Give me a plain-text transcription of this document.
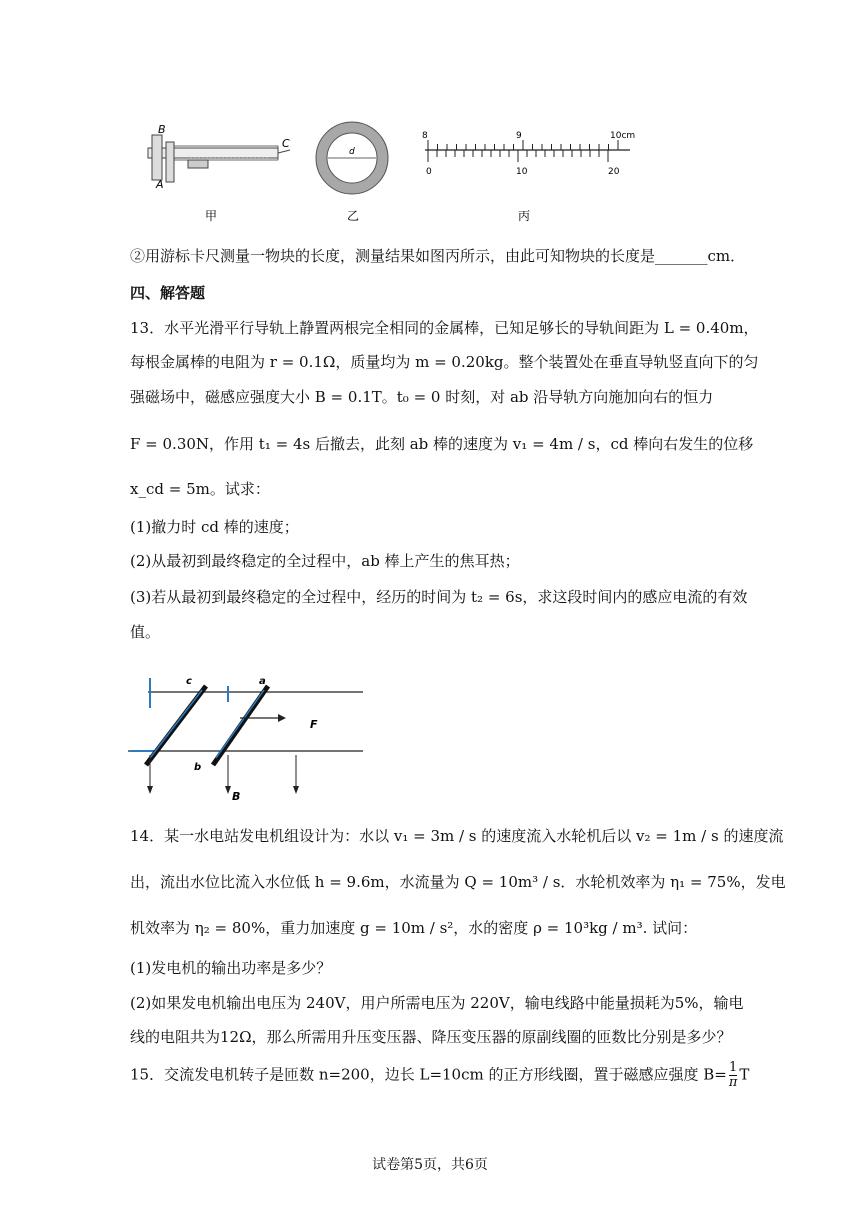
B
A
C
甲
d
乙
8	9	10cm
0	10	20
丙
②用游标卡尺测量一物块的长度，测量结果如图丙所示，由此可知物块的长度是_______cm．
四、解答题
13．水平光滑平行导轨上静置两根完全相同的金属棒，已知足够长的导轨间距为 L = 0.40m，
每根金属棒的电阻为 r = 0.1Ω，质量均为 m = 0.20kg。整个装置处在垂直导轨竖直向下的匀
强磁场中，磁感应强度大小 B = 0.1T。t₀ = 0 时刻，对 ab 沿导轨方向施加向右的恒力
F = 0.30N，作用 t₁ = 4s 后撤去，此刻 ab 棒的速度为 v₁ = 4m / s，cd 棒向右发生的位移
x_cd = 5m。试求：
(1)撤力时 cd 棒的速度；
(2)从最初到最终稳定的全过程中，ab 棒上产生的焦耳热；
(3)若从最初到最终稳定的全过程中，经历的时间为 t₂ = 6s，求这段时间内的感应电流的有效
值。
c	a
b
F
B
14．某一水电站发电机组设计为：水以 v₁ = 3m / s 的速度流入水轮机后以 v₂ = 1m / s 的速度流
出，流出水位比流入水位低 h = 9.6m，水流量为 Q = 10m³ / s．水轮机效率为 η₁ = 75%，发电
机效率为 η₂ = 80%，重力加速度 g = 10m / s²，水的密度 ρ = 10³kg / m³. 试问：
(1)发电机的输出功率是多少？
(2)如果发电机输出电压为 240V，用户所需电压为 220V，输电线路中能量损耗为5%，输电
线的电阻共为12Ω，那么所需用升压变压器、降压变压器的原副线圈的匝数比分别是多少？
15．交流发电机转子是匝数 n=200，边长 L=10cm 的正方形线圈，置于磁感应强度 $B= \frac{1}{\pi}$ T
试卷第5页，共6页
